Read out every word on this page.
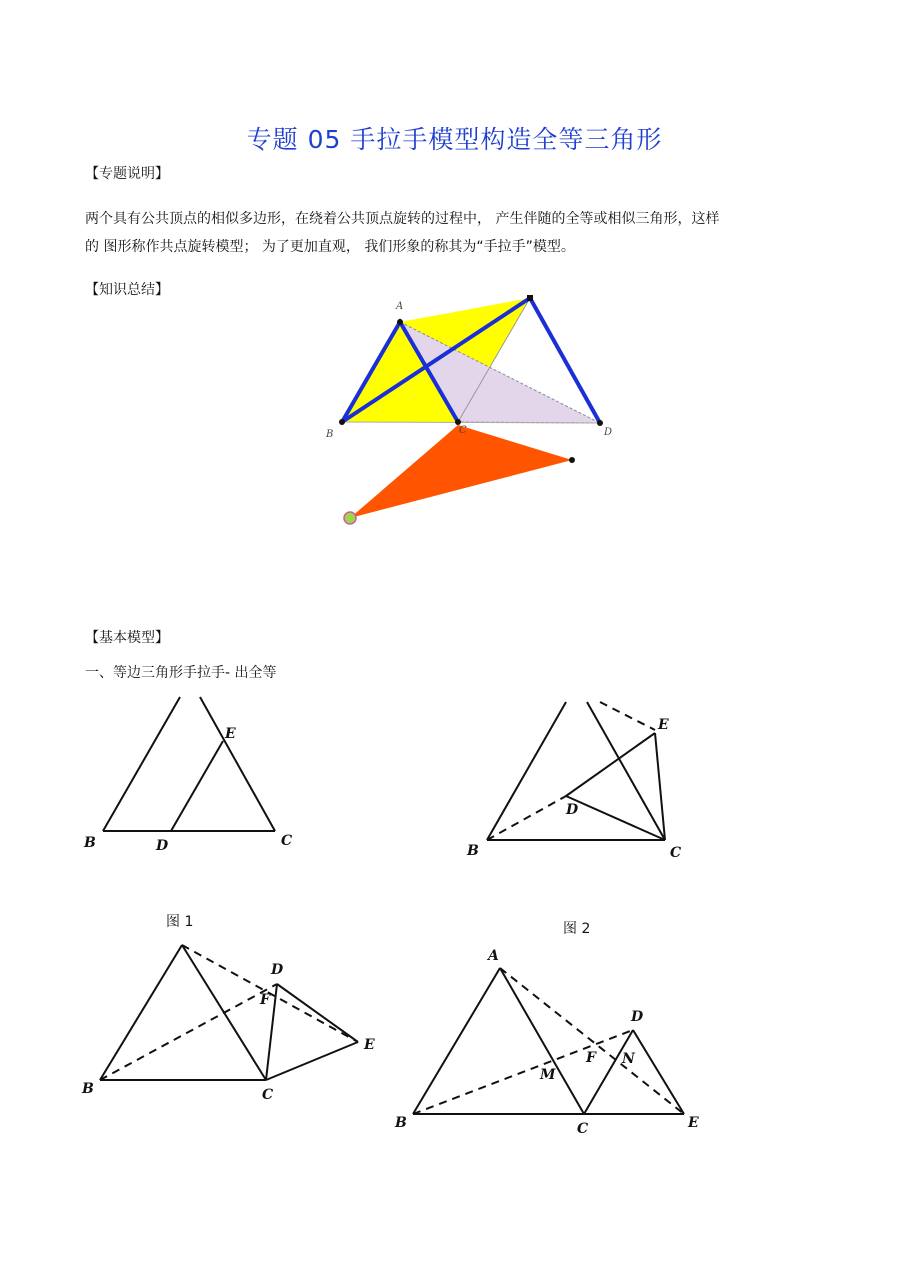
专题 05 手拉手模型构造全等三角形
【专题说明】
两个具有公共顶点的相似多边形，在绕着公共顶点旋转的过程中， 产生伴随的全等或相似三角形，这样
的 图形称作共点旋转模型； 为了更加直观， 我们形象的称其为“手拉手”模型。
【知识总结】
A
B	C	D
【基本模型】
一、等边三角形手拉手- 出全等
E
B	D	C
E
D
B	C
图 1	图 2
D
F
E
B	C
A
D
F N
M
B	C	E
